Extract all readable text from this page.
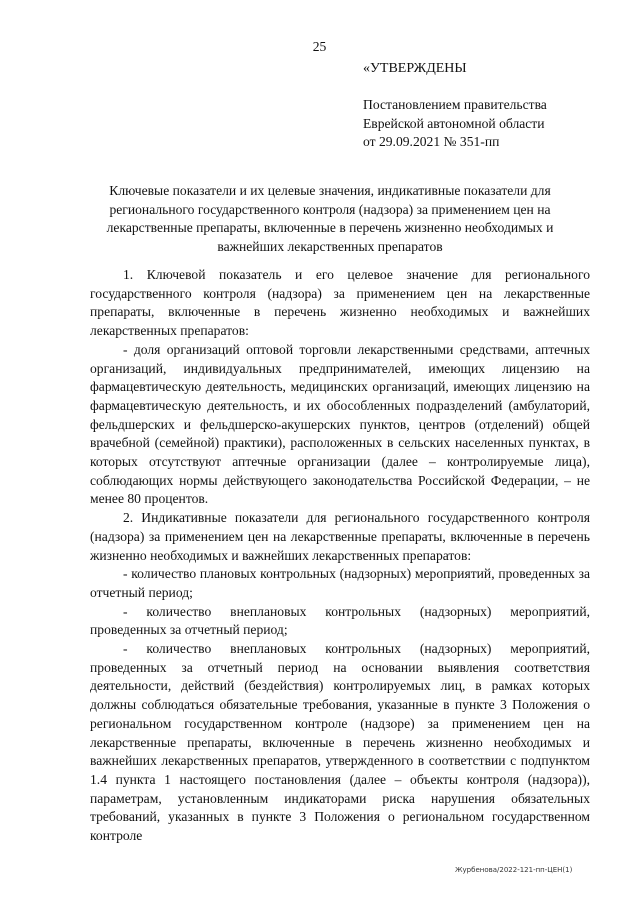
25
«УТВЕРЖДЕНЫ
Постановлением правительства
Еврейской автономной области
от 29.09.2021 № 351-пп
Ключевые показатели и их целевые значения, индикативные показатели для регионального государственного контроля (надзора) за применением цен на лекарственные препараты, включенные в перечень жизненно необходимых и важнейших лекарственных препаратов

1. Ключевой показатель и его целевое значение для регионального государственного контроля (надзора) за применением цен на лекарственные препараты, включенные в перечень жизненно необходимых и важнейших лекарственных препаратов:

- доля организаций оптовой торговли лекарственными средствами, аптечных организаций, индивидуальных предпринимателей, имеющих лицензию на фармацевтическую деятельность, медицинских организаций, имеющих лицензию на фармацевтическую деятельность, и их обособленных подразделений (амбулаторий, фельдшерских и фельдшерско-акушерских пунктов, центров (отделений) общей врачебной (семейной) практики), расположенных в сельских населенных пунктах, в которых отсутствуют аптечные организации (далее – контролируемые лица), соблюдающих нормы действующего законодательства Российской Федерации, – не менее 80 процентов.

2. Индикативные показатели для регионального государственного контроля (надзора) за применением цен на лекарственные препараты, включенные в перечень жизненно необходимых и важнейших лекарственных препаратов:

- количество плановых контрольных (надзорных) мероприятий, проведенных за отчетный период;

- количество внеплановых контрольных (надзорных) мероприятий, проведенных за отчетный период;

- количество внеплановых контрольных (надзорных) мероприятий, проведенных за отчетный период на основании выявления соответствия деятельности, действий (бездействия) контролируемых лиц, в рамках которых должны соблюдаться обязательные требования, указанные в пункте 3 Положения о региональном государственном контроле (надзоре) за применением цен на лекарственные препараты, включенные в перечень жизненно необходимых и важнейших лекарственных препаратов, утвержденного в соответствии с подпунктом 1.4 пункта 1 настоящего постановления (далее – объекты контроля (надзора)), параметрам, установленным индикаторами риска нарушения обязательных требований, указанных в пункте 3 Положения о региональном государственном контроле

Журбенова/2022-121-пп-ЦЕН(1)
